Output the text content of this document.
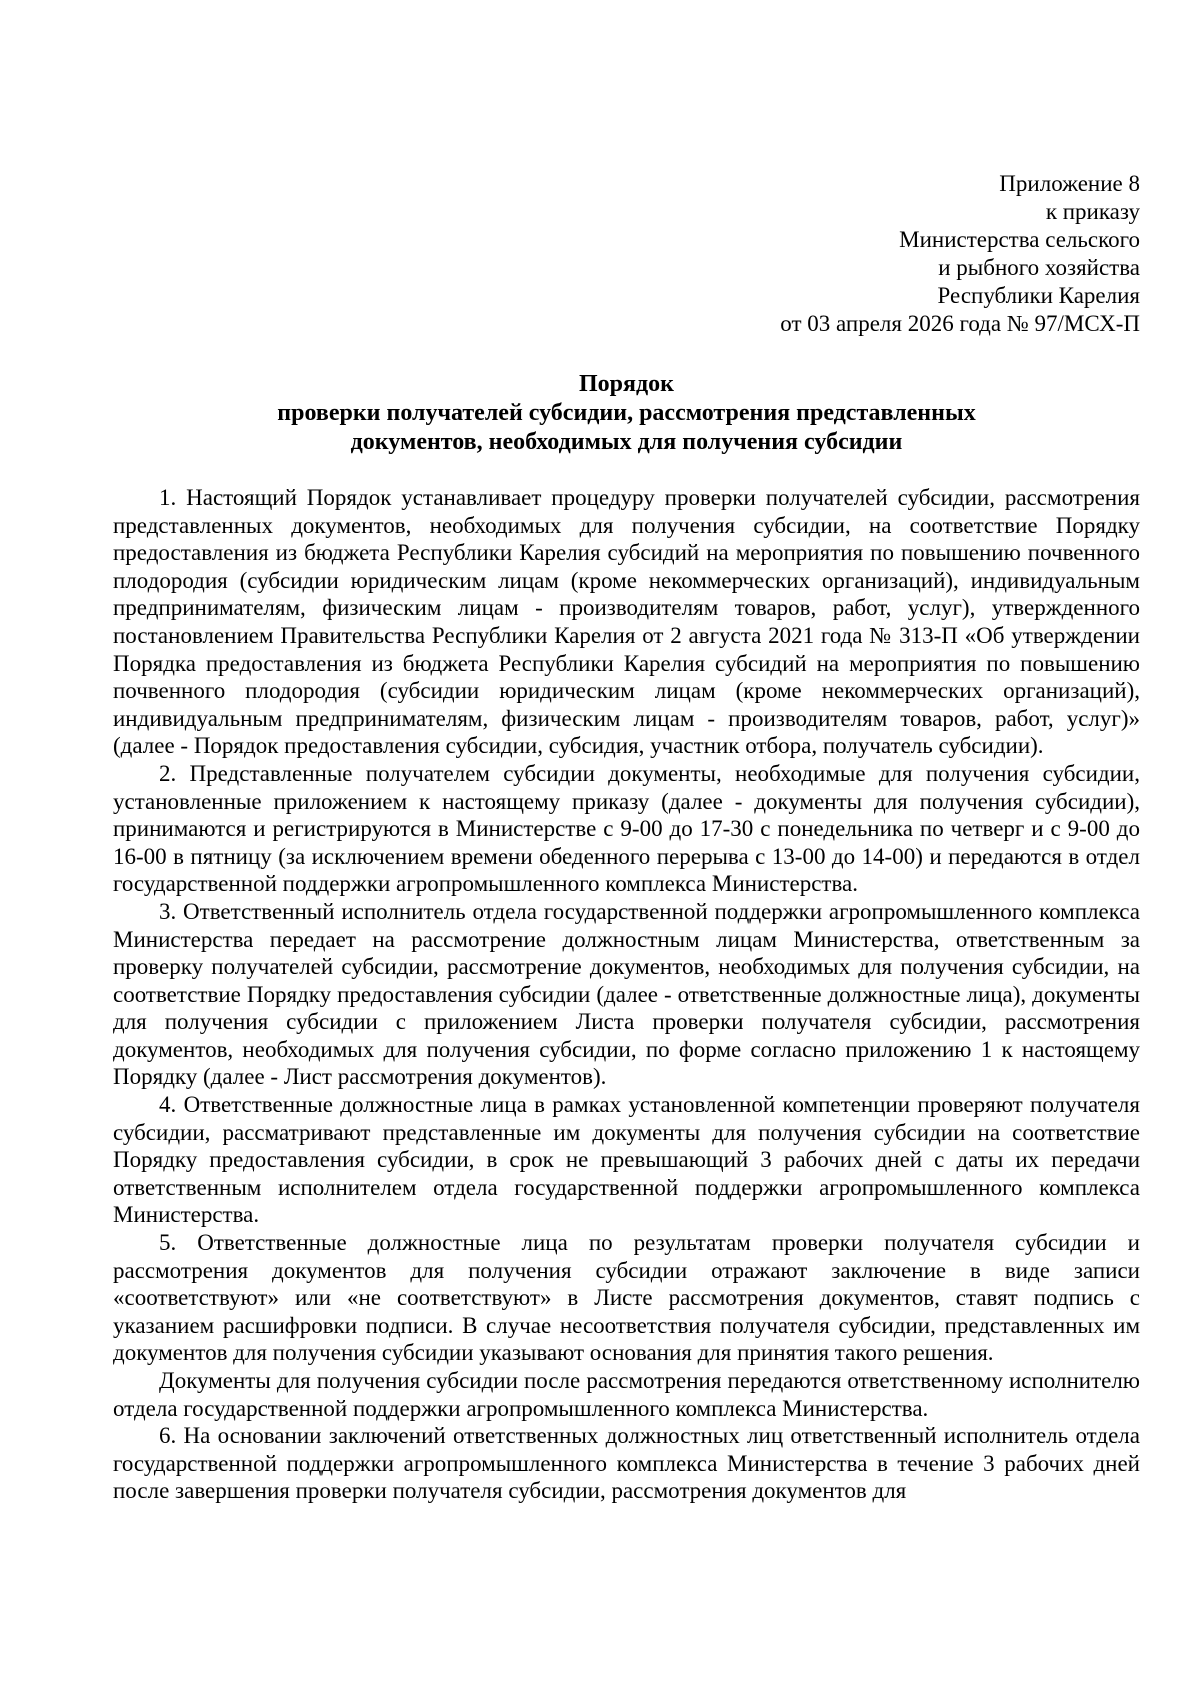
Приложение 8
к приказу
Министерства сельского
и рыбного хозяйства
Республики Карелия
от 03 апреля 2026 года № 97/МСХ-П
Порядок
проверки получателей субсидии, рассмотрения представленных
документов, необходимых для получения субсидии

1. Настоящий Порядок устанавливает процедуру проверки получателей субсидии, рассмотрения представленных документов, необходимых для получения субсидии, на соответствие Порядку предоставления из бюджета Республики Карелия субсидий на мероприятия по повышению почвенного плодородия (субсидии юридическим лицам (кроме некоммерческих организаций), индивидуальным предпринимателям, физическим лицам - производителям товаров, работ, услуг), утвержденного постановлением Правительства Республики Карелия от 2 августа 2021 года № 313-П «Об утверждении Порядка предоставления из бюджета Республики Карелия субсидий на мероприятия по повышению почвенного плодородия (субсидии юридическим лицам (кроме некоммерческих организаций), индивидуальным предпринимателям, физическим лицам - производителям товаров, работ, услуг)» (далее - Порядок предоставления субсидии, субсидия, участник отбора, получатель субсидии).

2. Представленные получателем субсидии документы, необходимые для получения субсидии, установленные приложением к настоящему приказу (далее - документы для получения субсидии), принимаются и регистрируются в Министерстве с 9-00 до 17-30 с понедельника по четверг и с 9-00 до 16-00 в пятницу (за исключением времени обеденного перерыва с 13-00 до 14-00) и передаются в отдел государственной поддержки агропромышленного комплекса Министерства.

3. Ответственный исполнитель отдела государственной поддержки агропромышленного комплекса Министерства передает на рассмотрение должностным лицам Министерства, ответственным за проверку получателей субсидии, рассмотрение документов, необходимых для получения субсидии, на соответствие Порядку предоставления субсидии (далее - ответственные должностные лица), документы для получения субсидии с приложением Листа проверки получателя субсидии, рассмотрения документов, необходимых для получения субсидии, по форме согласно приложению 1 к настоящему Порядку (далее - Лист рассмотрения документов).

4. Ответственные должностные лица в рамках установленной компетенции проверяют получателя субсидии, рассматривают представленные им документы для получения субсидии на соответствие Порядку предоставления субсидии, в срок не превышающий 3 рабочих дней с даты их передачи ответственным исполнителем отдела государственной поддержки агропромышленного комплекса Министерства.

5. Ответственные должностные лица по результатам проверки получателя субсидии и рассмотрения документов для получения субсидии отражают заключение в виде записи «соответствуют» или «не соответствуют» в Листе рассмотрения документов, ставят подпись с указанием расшифровки подписи. В случае несоответствия получателя субсидии, представленных им документов для получения субсидии указывают основания для принятия такого решения.

Документы для получения субсидии после рассмотрения передаются ответственному исполнителю отдела государственной поддержки агропромышленного комплекса Министерства.

6. На основании заключений ответственных должностных лиц ответственный исполнитель отдела государственной поддержки агропромышленного комплекса Министерства в течение 3 рабочих дней после завершения проверки получателя субсидии, рассмотрения документов для
